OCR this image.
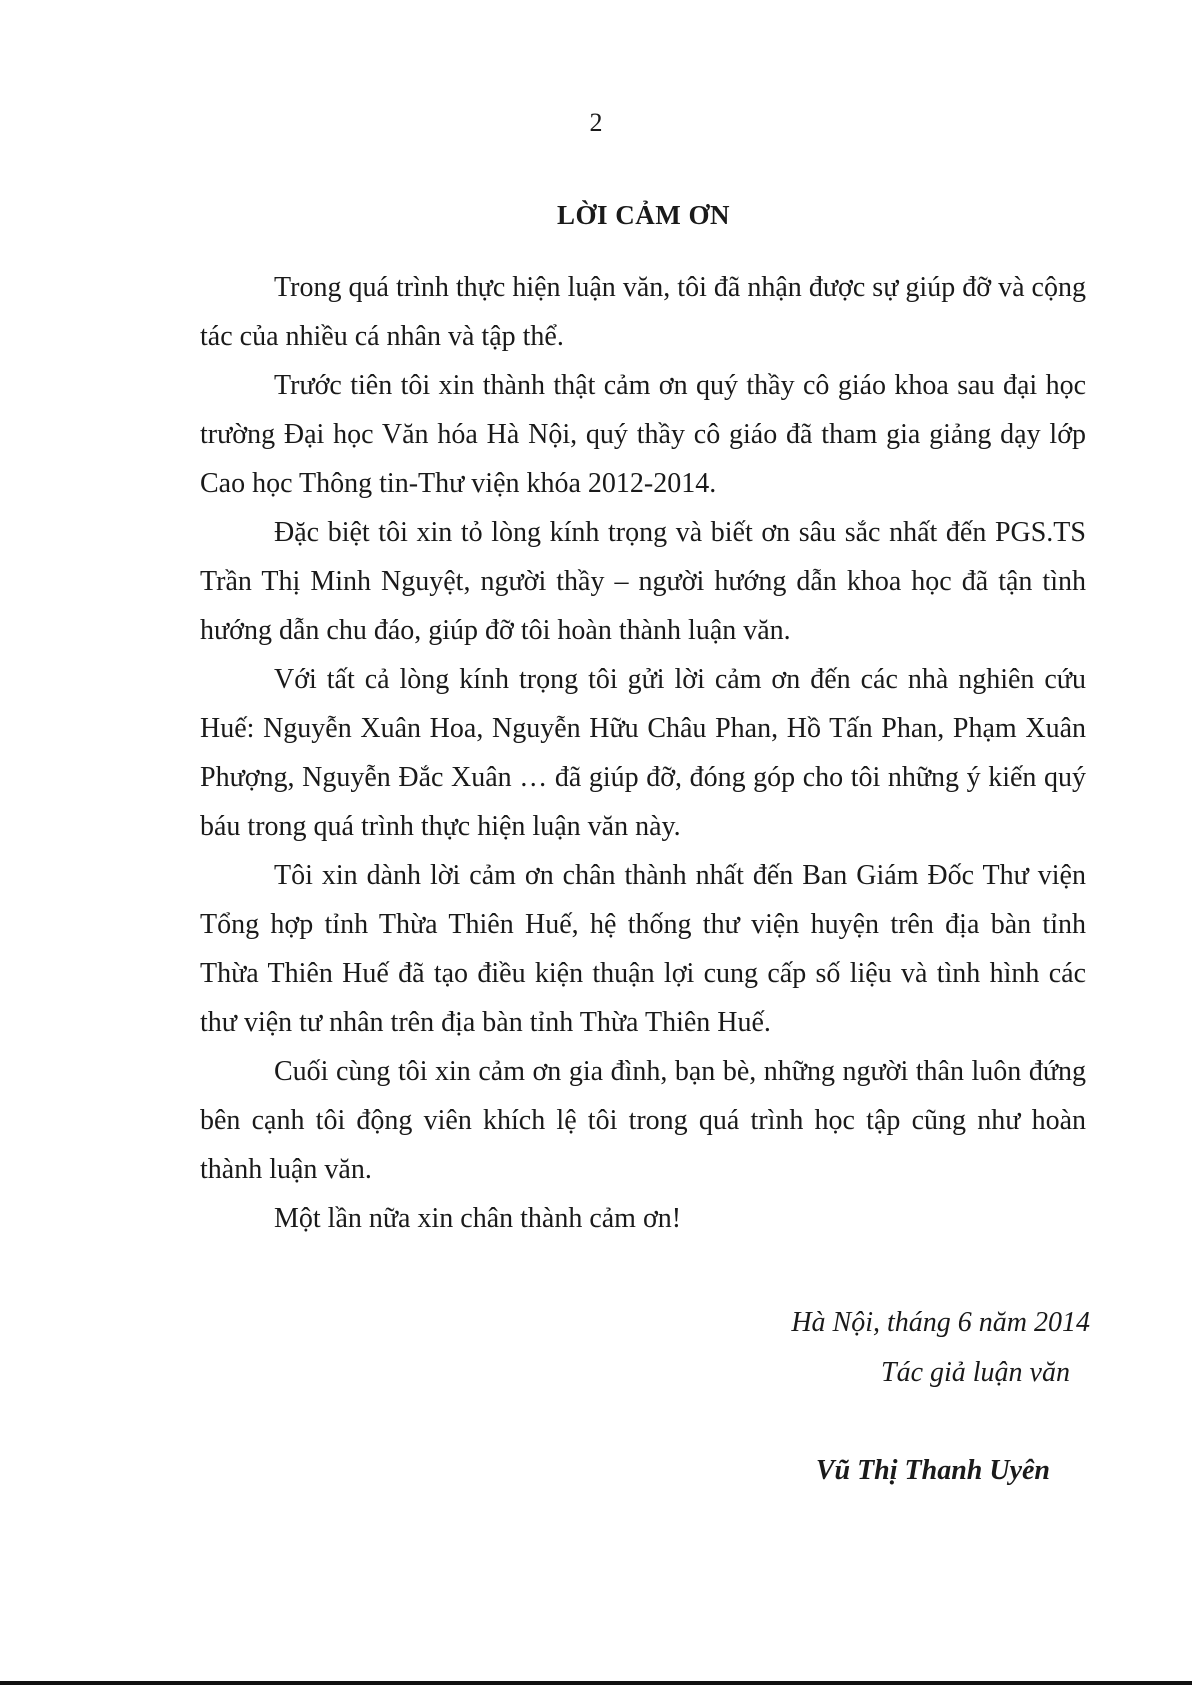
2
LỜI CẢM ƠN

Trong quá trình thực hiện luận văn, tôi đã nhận được sự giúp đỡ và cộng tác của nhiều cá nhân và tập thể.

Trước tiên tôi xin thành thật cảm ơn quý thầy cô giáo khoa sau đại học trường Đại học Văn hóa Hà Nội, quý thầy cô giáo đã tham gia giảng dạy lớp Cao học Thông tin-Thư viện khóa 2012-2014.

Đặc biệt tôi xin tỏ lòng kính trọng và biết ơn sâu sắc nhất đến PGS.TS Trần Thị Minh Nguyệt, người thầy – người hướng dẫn khoa học đã tận tình hướng dẫn chu đáo, giúp đỡ tôi hoàn thành luận văn.

Với tất cả lòng kính trọng tôi gửi lời cảm ơn đến các nhà nghiên cứu Huế: Nguyễn Xuân Hoa, Nguyễn Hữu Châu Phan, Hồ Tấn Phan, Phạm Xuân Phượng, Nguyễn Đắc Xuân … đã giúp đỡ, đóng góp cho tôi những ý kiến quý báu trong quá trình thực hiện luận văn này.

Tôi xin dành lời cảm ơn chân thành nhất đến Ban Giám Đốc Thư viện Tổng hợp tỉnh Thừa Thiên Huế, hệ thống thư viện huyện trên địa bàn tỉnh Thừa Thiên Huế đã tạo điều kiện thuận lợi cung cấp số liệu và tình hình các thư viện tư nhân trên địa bàn tỉnh Thừa Thiên Huế.

Cuối cùng tôi xin cảm ơn gia đình, bạn bè, những người thân luôn đứng bên cạnh tôi động viên khích lệ tôi trong quá trình học tập cũng như hoàn thành luận văn.

Một lần nữa xin chân thành cảm ơn!

Hà Nội, tháng 6 năm 2014
Tác giả luận văn
Vũ Thị Thanh Uyên
